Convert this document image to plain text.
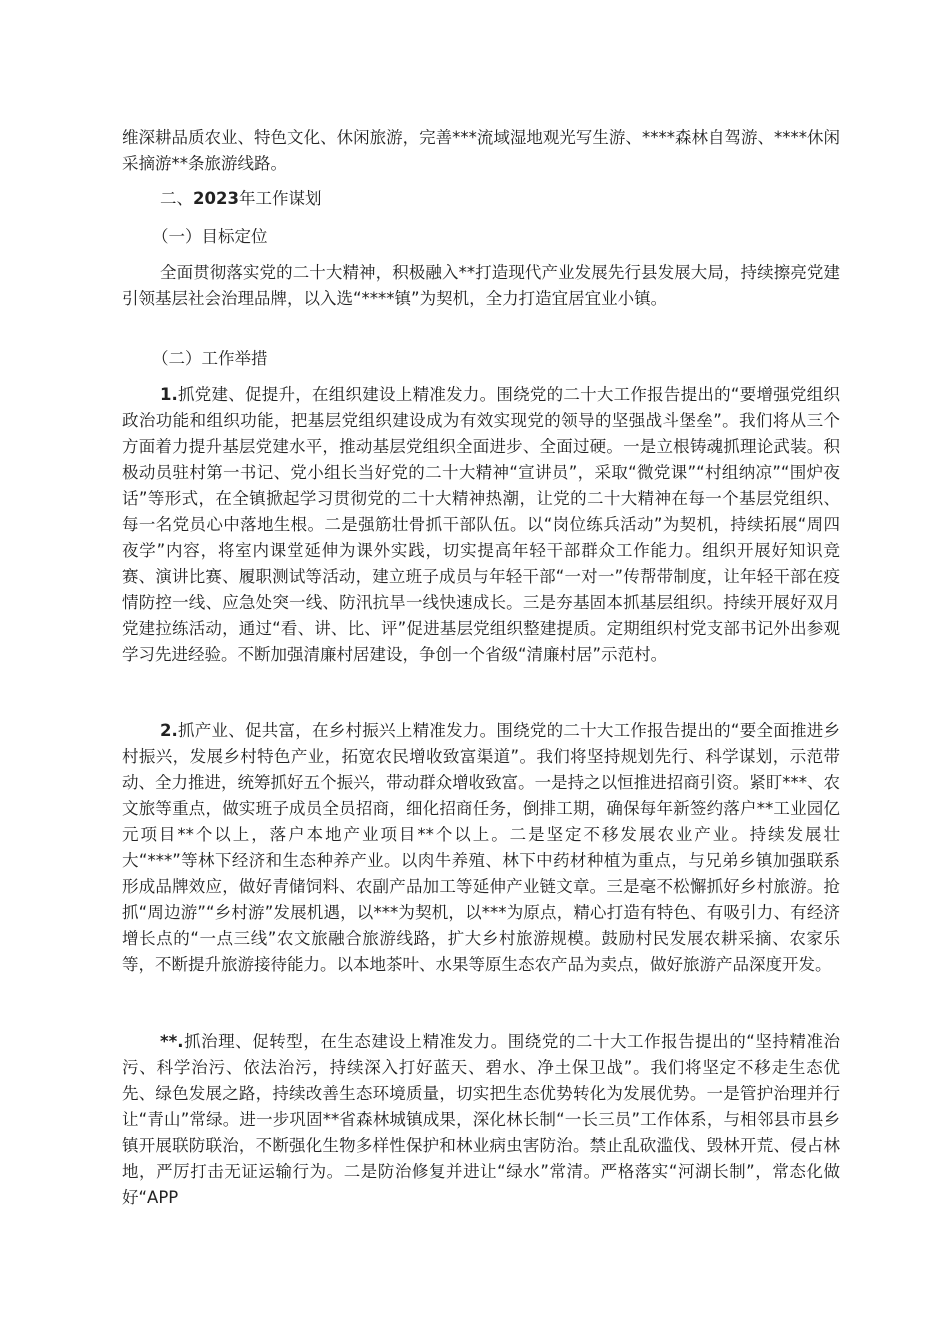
维深耕品质农业、特色文化、休闲旅游，完善***流域湿地观光写生游、****森林自驾游、****休闲采摘游**条旅游线路。

二、2023年工作谋划

（一）目标定位

全面贯彻落实党的二十大精神，积极融入**打造现代产业发展先行县发展大局，持续擦亮党建引领基层社会治理品牌，以入选“****镇”为契机，全力打造宜居宜业小镇。

（二）工作举措

1.抓党建、促提升，在组织建设上精准发力。围绕党的二十大工作报告提出的“要增强党组织政治功能和组织功能，把基层党组织建设成为有效实现党的领导的坚强战斗堡垒”。我们将从三个方面着力提升基层党建水平，推动基层党组织全面进步、全面过硬。一是立根铸魂抓理论武装。积极动员驻村第一书记、党小组长当好党的二十大精神“宣讲员”，采取“微党课”“村组纳凉”“围炉夜话”等形式，在全镇掀起学习贯彻党的二十大精神热潮，让党的二十大精神在每一个基层党组织、每一名党员心中落地生根。二是强筋壮骨抓干部队伍。以“岗位练兵活动”为契机，持续拓展“周四夜学”内容，将室内课堂延伸为课外实践，切实提高年轻干部群众工作能力。组织开展好知识竞赛、演讲比赛、履职测试等活动，建立班子成员与年轻干部“一对一”传帮带制度，让年轻干部在疫情防控一线、应急处突一线、防汛抗旱一线快速成长。三是夯基固本抓基层组织。持续开展好双月党建拉练活动，通过“看、讲、比、评”促进基层党组织整建提质。定期组织村党支部书记外出参观学习先进经验。不断加强清廉村居建设，争创一个省级“清廉村居”示范村。

2.抓产业、促共富，在乡村振兴上精准发力。围绕党的二十大工作报告提出的“要全面推进乡村振兴，发展乡村特色产业，拓宽农民增收致富渠道”。我们将坚持规划先行、科学谋划，示范带动、全力推进，统筹抓好五个振兴，带动群众增收致富。一是持之以恒推进招商引资。紧盯***、农文旅等重点，做实班子成员全员招商，细化招商任务，倒排工期，确保每年新签约落户**工业园亿元项目**个以上，落户本地产业项目**个以上。二是坚定不移发展农业产业。持续发展壮大“***”等林下经济和生态种养产业。以肉牛养殖、林下中药材种植为重点，与兄弟乡镇加强联系形成品牌效应，做好青储饲料、农副产品加工等延伸产业链文章。三是毫不松懈抓好乡村旅游。抢抓“周边游”“乡村游”发展机遇，以***为契机，以***为原点，精心打造有特色、有吸引力、有经济增长点的“一点三线”农文旅融合旅游线路，扩大乡村旅游规模。鼓励村民发展农耕采摘、农家乐等，不断提升旅游接待能力。以本地茶叶、水果等原生态农产品为卖点，做好旅游产品深度开发。

**.抓治理、促转型，在生态建设上精准发力。围绕党的二十大工作报告提出的“坚持精准治污、科学治污、依法治污，持续深入打好蓝天、碧水、净土保卫战”。我们将坚定不移走生态优先、绿色发展之路，持续改善生态环境质量，切实把生态优势转化为发展优势。一是管护治理并行让“青山”常绿。进一步巩固**省森林城镇成果，深化林长制“一长三员”工作体系，与相邻县市县乡镇开展联防联治，不断强化生物多样性保护和林业病虫害防治。禁止乱砍滥伐、毁林开荒、侵占林地，严厉打击无证运输行为。二是防治修复并进让“绿水”常清。严格落实“河湖长制”，常态化做好“APP
